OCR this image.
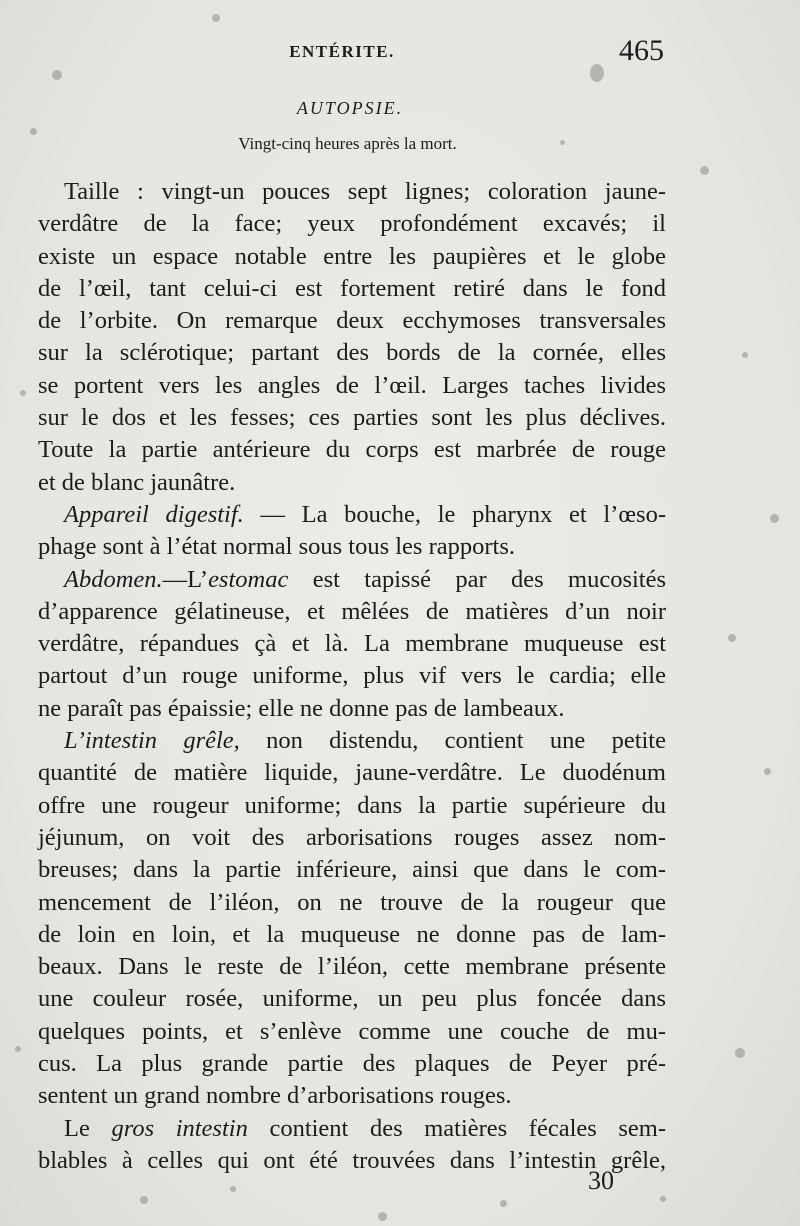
ENTÉRITE.	465
AUTOPSIE.
Vingt-cinq heures après la mort.

Taille : vingt-un pouces sept lignes; coloration jaune-
verdâtre de la face; yeux profondément excavés; il
existe un espace notable entre les paupières et le globe
de l’œil, tant celui-ci est fortement retiré dans le fond
de l’orbite. On remarque deux ecchymoses transversales
sur la sclérotique; partant des bords de la cornée, elles
se portent vers les angles de l’œil. Larges taches livides
sur le dos et les fesses; ces parties sont les plus déclives.
Toute la partie antérieure du corps est marbrée de rouge
et de blanc jaunâtre.

Appareil digestif. — La bouche, le pharynx et l’œso-
phage sont à l’état normal sous tous les rapports.

Abdomen.—L’estomac est tapissé par des mucosités
d’apparence gélatineuse, et mêlées de matières d’un noir
verdâtre, répandues çà et là. La membrane muqueuse est
partout d’un rouge uniforme, plus vif vers le cardia; elle
ne paraît pas épaissie; elle ne donne pas de lambeaux.

L’intestin grêle, non distendu, contient une petite
quantité de matière liquide, jaune-verdâtre. Le duodénum
offre une rougeur uniforme; dans la partie supérieure du
jéjunum, on voit des arborisations rouges assez nom-
breuses; dans la partie inférieure, ainsi que dans le com-
mencement de l’iléon, on ne trouve de la rougeur que
de loin en loin, et la muqueuse ne donne pas de lam-
beaux. Dans le reste de l’iléon, cette membrane présente
une couleur rosée, uniforme, un peu plus foncée dans
quelques points, et s’enlève comme une couche de mu-
cus. La plus grande partie des plaques de Peyer pré-
sentent un grand nombre d’arborisations rouges.

Le gros intestin contient des matières fécales sem-
blables à celles qui ont été trouvées dans l’intestin grêle,

30
